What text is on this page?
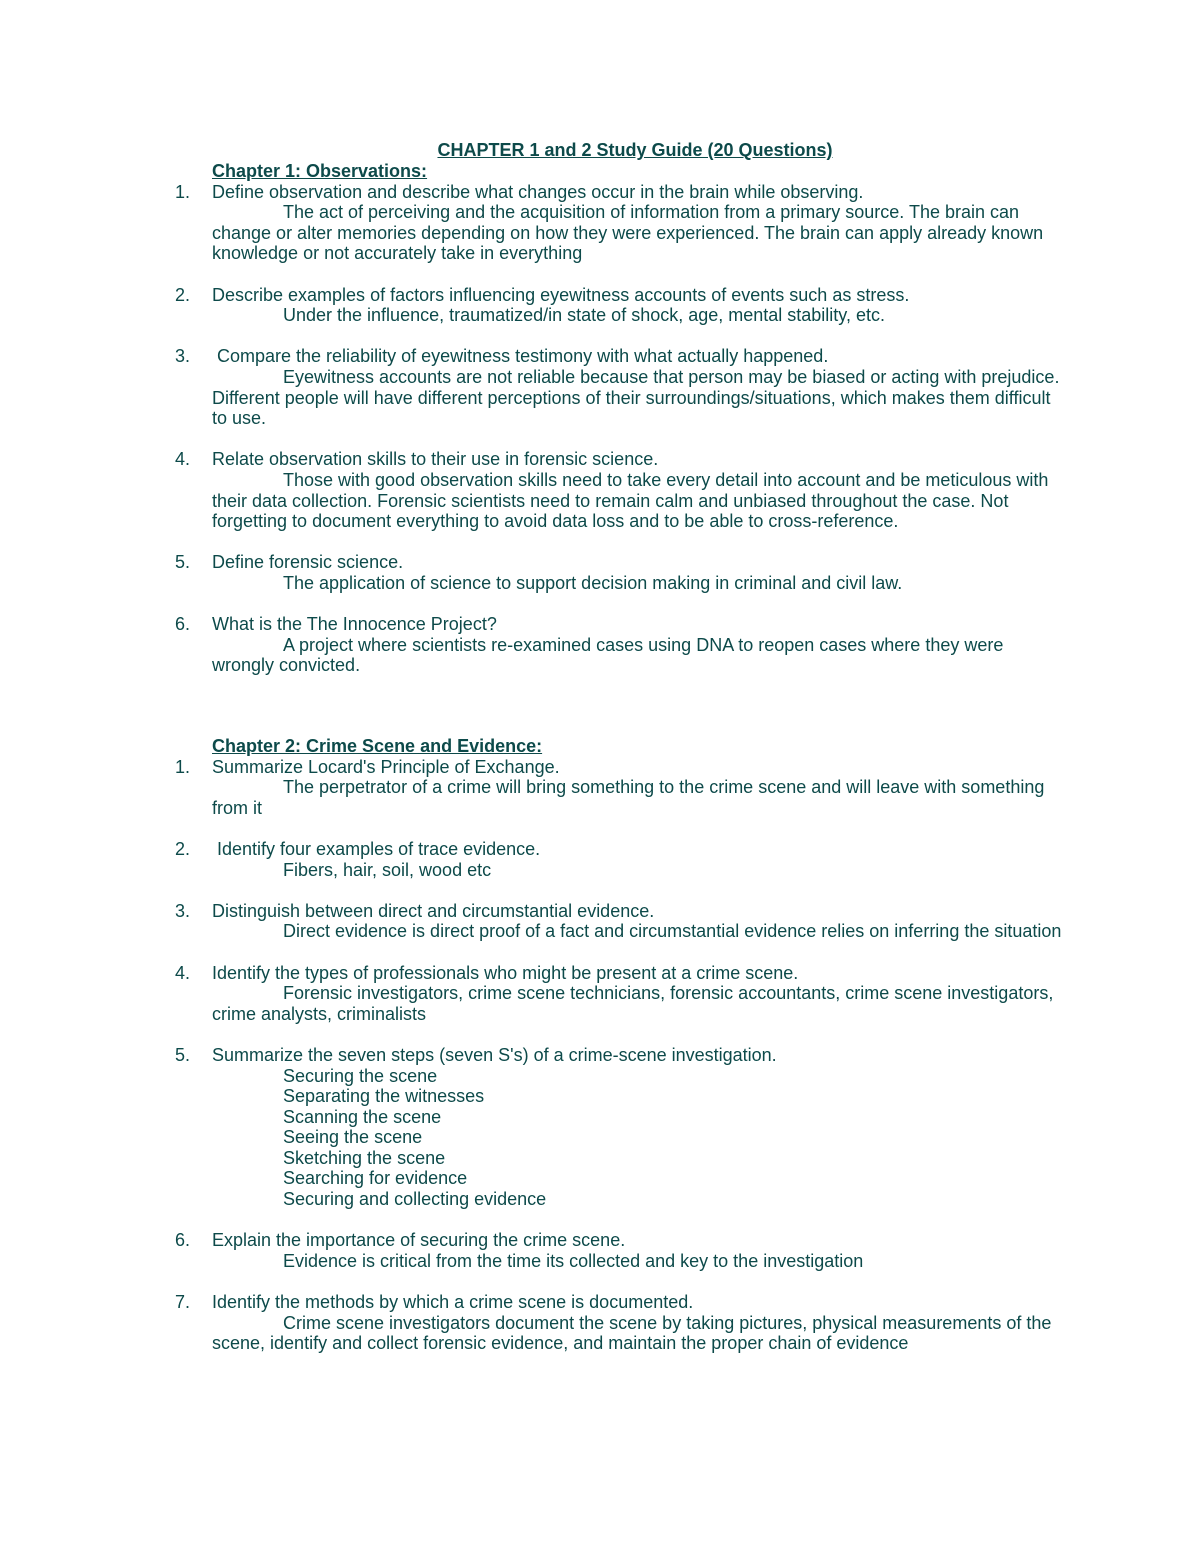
CHAPTER 1 and 2 Study Guide (20 Questions)
Chapter 1: Observations:
1.	Define observation and describe what changes occur in the brain while observing.
The act of perceiving and the acquisition of information from a primary source. The brain can change or alter memories depending on how they were experienced. The brain can apply already known knowledge or not accurately take in everything
2.	Describe examples of factors influencing eyewitness accounts of events such as stress.
Under the influence, traumatized/in state of shock, age, mental stability, etc.
3.	Compare the reliability of eyewitness testimony with what actually happened.
Eyewitness accounts are not reliable because that person may be biased or acting with prejudice. Different people will have different perceptions of their surroundings/situations, which makes them difficult to use.
4.	Relate observation skills to their use in forensic science.
Those with good observation skills need to take every detail into account and be meticulous with their data collection. Forensic scientists need to remain calm and unbiased throughout the case. Not forgetting to document everything to avoid data loss and to be able to cross-reference.
5.	Define forensic science.
The application of science to support decision making in criminal and civil law.
6.	What is the The Innocence Project?
A project where scientists re-examined cases using DNA to reopen cases where they were wrongly convicted.
Chapter 2: Crime Scene and Evidence:
1.	Summarize Locard's Principle of Exchange.
The perpetrator of a crime will bring something to the crime scene and will leave with something from it
2.	Identify four examples of trace evidence.
Fibers, hair, soil, wood etc
3.	Distinguish between direct and circumstantial evidence.
Direct evidence is direct proof of a fact and circumstantial evidence relies on inferring the situation
4.	Identify the types of professionals who might be present at a crime scene.
Forensic investigators, crime scene technicians, forensic accountants, crime scene investigators, crime analysts, criminalists
5.	Summarize the seven steps (seven S's) of a crime-scene investigation.
Securing the scene
Separating the witnesses
Scanning the scene
Seeing the scene
Sketching the scene
Searching for evidence
Securing and collecting evidence
6.	Explain the importance of securing the crime scene.
Evidence is critical from the time its collected and key to the investigation
7.	Identify the methods by which a crime scene is documented.
Crime scene investigators document the scene by taking pictures, physical measurements of the scene, identify and collect forensic evidence, and maintain the proper chain of evidence
